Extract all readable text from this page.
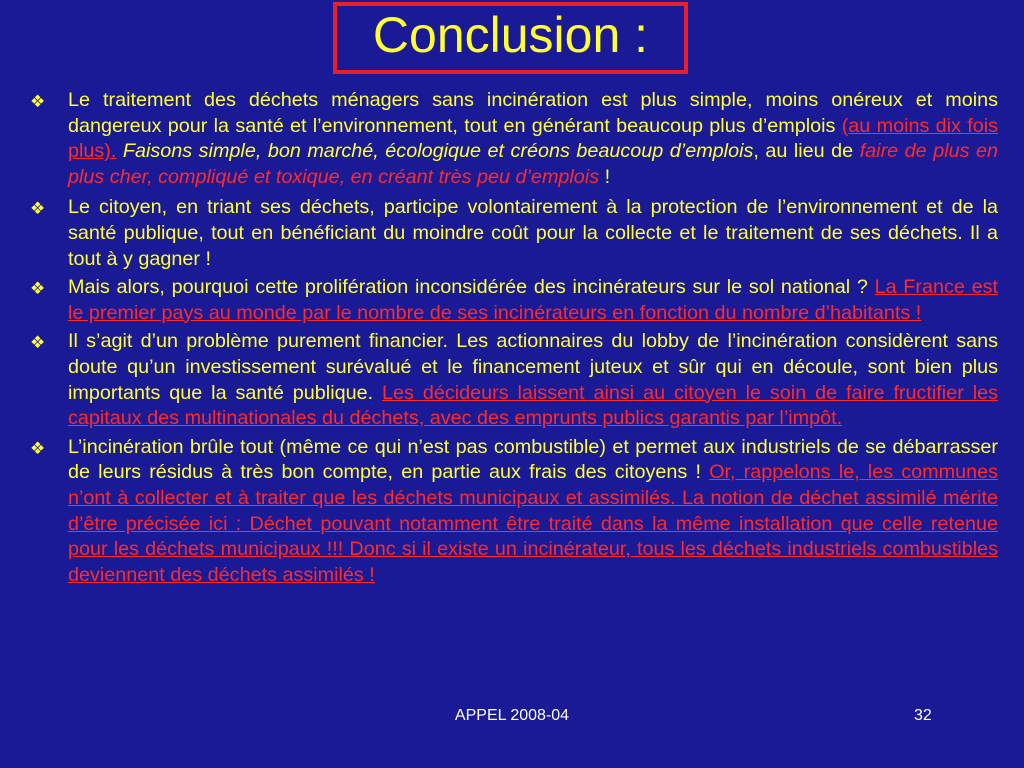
Conclusion :
❖	Le traitement des déchets ménagers sans incinération est plus simple, moins onéreux et moins dangereux pour la santé et l’environnement, tout en générant beaucoup plus d’emplois (au moins dix fois plus). Faisons simple, bon marché, écologique et créons beaucoup d’emplois, au lieu de faire de plus en plus cher, compliqué et toxique, en créant très peu d’emplois !

❖	Le citoyen, en triant ses déchets, participe volontairement à la protection de l’environnement et de la santé publique, tout en bénéficiant du moindre coût pour la collecte et le traitement de ses déchets. Il a tout à y gagner !

❖	Mais alors, pourquoi cette prolifération inconsidérée des incinérateurs sur le sol national ? La France est le premier pays au monde par le nombre de ses incinérateurs en fonction du nombre d’habitants !

❖	Il s’agit d’un problème purement financier. Les actionnaires du lobby de l’incinération considèrent sans doute qu’un investissement surévalué et le financement juteux et sûr qui en découle, sont bien plus importants que la santé publique. Les décideurs laissent ainsi au citoyen le soin de faire fructifier les capitaux des multinationales du déchets, avec des emprunts publics garantis par l’impôt.

❖	L’incinération brûle tout (même ce qui n’est pas combustible) et permet aux industriels de se débarrasser de leurs résidus à très bon compte, en partie aux frais des citoyens ! Or, rappelons le, les communes n’ont à collecter et à traiter que les déchets municipaux et assimilés. La notion de déchet assimilé mérite d’être précisée ici : Déchet pouvant notamment être traité dans la même installation que celle retenue pour les déchets municipaux !!! Donc si il existe un incinérateur, tous les déchets industriels combustibles deviennent des déchets assimilés !

APPEL 2008-04	32
